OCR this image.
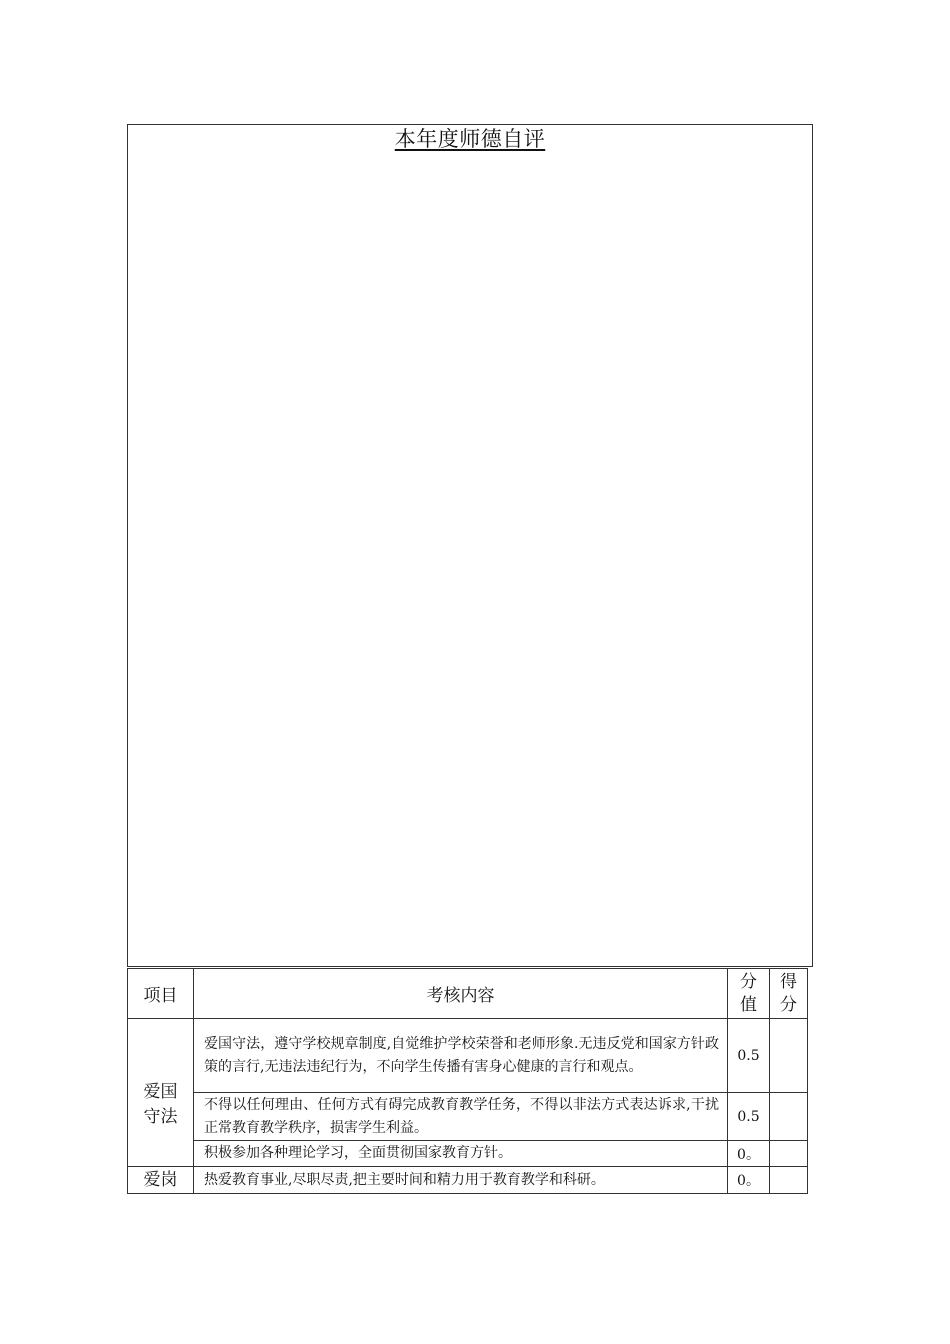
本年度师德自评
项目	考核内容	分值	得分

爱国守法	爱国守法，遵守学校规章制度,自觉维护学校荣誉和老师形象.无违反党和国家方针政策的言行,无违法违纪行为，不向学生传播有害身心健康的言行和观点。	0.5	
	不得以任何理由、任何方式有碍完成教育教学任务，不得以非法方式表达诉求,干扰正常教育教学秩序，损害学生利益。	0.5	
	积极参加各种理论学习，全面贯彻国家教育方针。	0。	
爱岗	热爱教育事业,尽职尽责,把主要时间和精力用于教育教学和科研。	0。	
